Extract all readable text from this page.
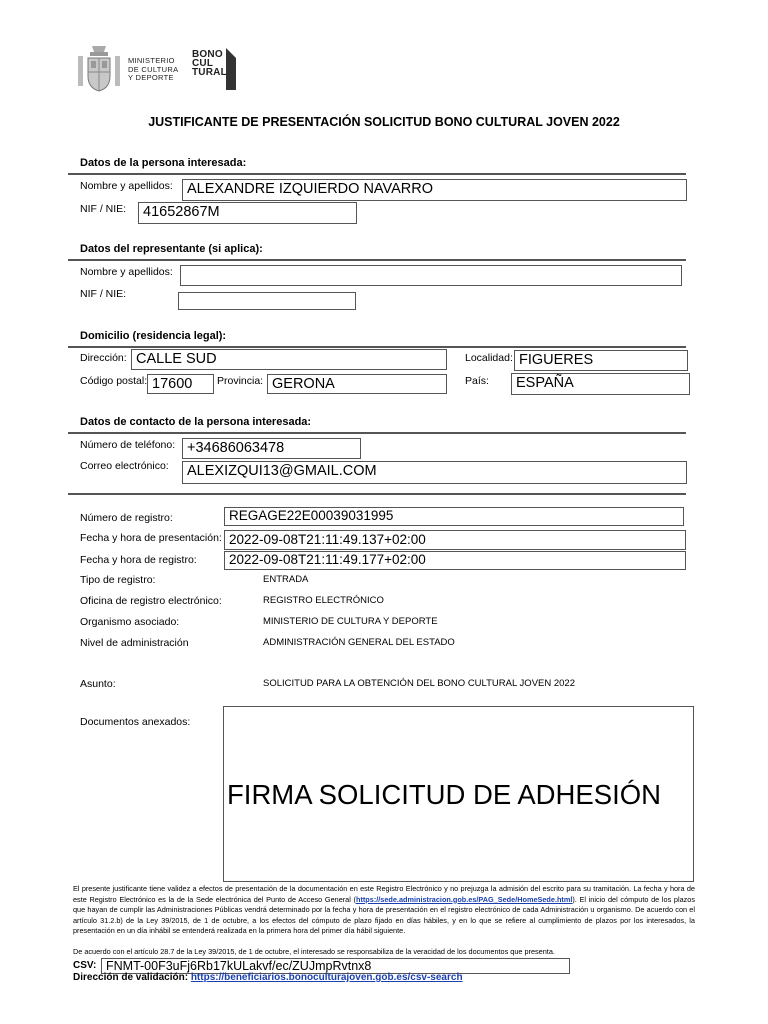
MINISTERIO
DE CULTURA
Y DEPORTE
BONO
CUL
TURAL
JUSTIFICANTE DE PRESENTACIÓN SOLICITUD BONO CULTURAL JOVEN 2022
Datos de la persona interesada:
Nombre y apellidos: ALEXANDRE IZQUIERDO NAVARRO
NIF / NIE:	41652867M
Datos del representante (si aplica):
Nombre y apellidos:
NIF / NIE:
Domicilio (residencia legal):
Dirección: CALLE SUD	Localidad: FIGUERES
Código postal: 17600	Provincia: GERONA	País:	ESPAÑA
Datos de contacto de la persona interesada:
Número de teléfono: +34686063478
Correo electrónico:	ALEXIZQUI13@GMAIL.COM
Número de registro:	REGAGE22E00039031995
Fecha y hora de presentación: 2022-09-08T21:11:49.137+02:00
Fecha y hora de registro:	2022-09-08T21:11:49.177+02:00
Tipo de registro:	ENTRADA
Oficina de registro electrónico:	REGISTRO ELECTRÓNICO
Organismo asociado:	MINISTERIO DE CULTURA Y DEPORTE
Nivel de administración	ADMINISTRACIÓN GENERAL DEL ESTADO
Asunto:	SOLICITUD PARA LA OBTENCIÓN DEL BONO CULTURAL JOVEN 2022
Documentos anexados:
FIRMA SOLICITUD DE ADHESIÓN
El presente justificante tiene validez a efectos de presentación de la documentación en este Registro Electrónico y no prejuzga la admisión del escrito para su tramitación. La fecha y hora de este Registro Electrónico es la de la Sede electrónica del Punto de Acceso General (https://sede.administracion.gob.es/PAG_Sede/HomeSede.html). El inicio del cómputo de los plazos que hayan de cumplir las Administraciones Públicas vendrá determinado por la fecha y hora de presentación en el registro electrónico de cada Administración u organismo. De acuerdo con el artículo 31.2.b) de la Ley 39/2015, de 1 de octubre, a los efectos del cómputo de plazo fijado en días hábiles, y en lo que se refiere al cumplimiento de plazos por los interesados, la presentación en un día inhábil se entenderá realizada en la primera hora del primer día hábil siguiente.
De acuerdo con el artículo 28.7 de la Ley 39/2015, de 1 de octubre, el interesado se responsabiliza de la veracidad de los documentos que presenta.
CSV: FNMT-00F3uFj6Rb17kULakvf/ec/ZUJmpRvtnx8
Dirección de validación: https://beneficiarios.bonoculturajoven.gob.es/csv-search
